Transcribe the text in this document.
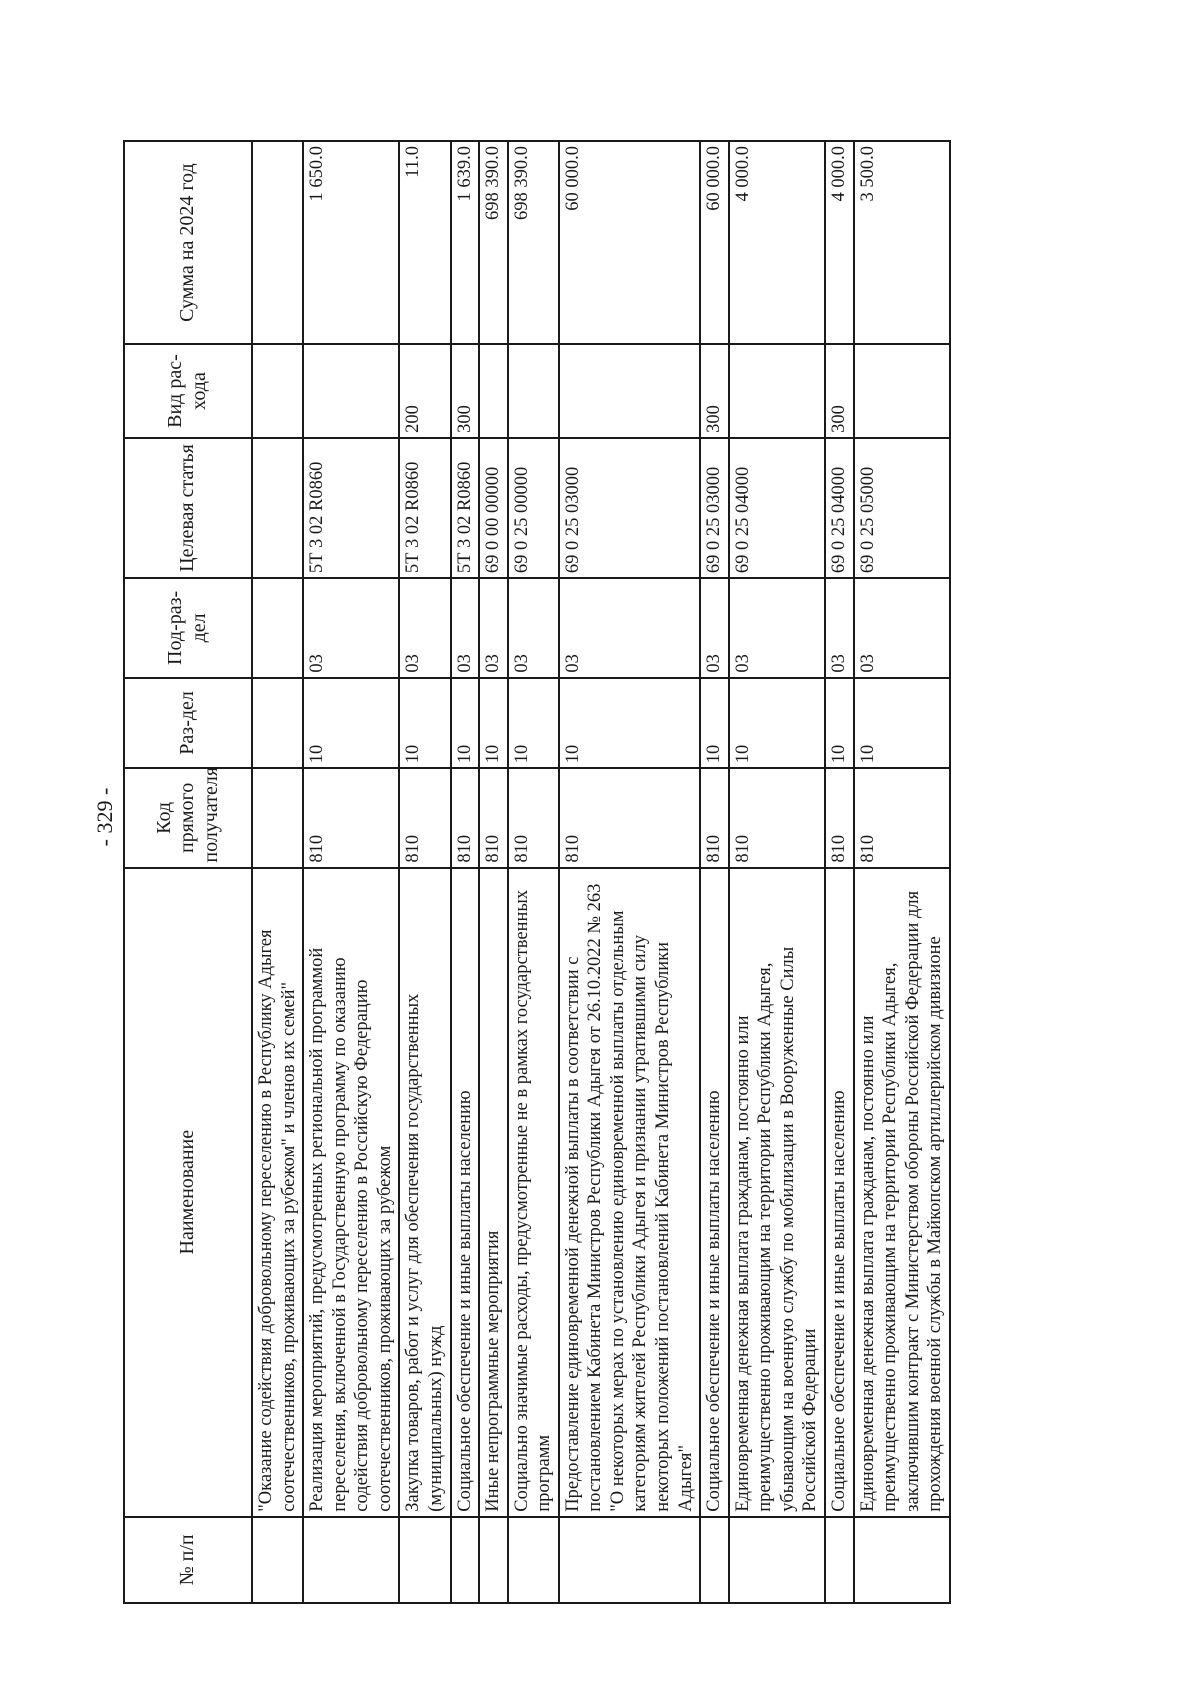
- 329 -
№ п/п	Наименование	Код прямого получателя	Раз-дел	Под-раз-дел	Целевая статья	Вид рас-хода	Сумма на 2024 год
	"Оказание содействия добровольному переселению в Республику Адыгея соотечественников, проживающих за рубежом" и членов их семей"						
	Реализация мероприятий, предусмотренных региональной программой переселения, включенной в Государственную программу по оказанию содействия добровольному переселению в Российскую Федерацию соотечественников, проживающих за рубежом	810	10	03	5Т 3 02 R0860		1 650.0
	Закупка товаров, работ и услуг для обеспечения государственных (муниципальных) нужд	810	10	03	5Т 3 02 R0860	200	11.0
	Социальное обеспечение и иные выплаты населению	810	10	03	5Т 3 02 R0860	300	1 639.0
	Иные непрограммные мероприятия	810	10	03	69 0 00 00000		698 390.0
	Социально значимые расходы, предусмотренные не в рамках государственных программ	810	10	03	69 0 25 00000		698 390.0
	Предоставление единовременной денежной выплаты в соответствии с постановлением Кабинета Министров Республики Адыгея от 26.10.2022 № 263 "О некоторых мерах по установлению единовременной выплаты отдельным категориям жителей Республики Адыгея и признании утратившими силу некоторых положений постановлений Кабинета Министров Республики Адыгея"	810	10	03	69 0 25 03000		60 000.0
	Социальное обеспечение и иные выплаты населению	810	10	03	69 0 25 03000	300	60 000.0
	Единовременная денежная выплата гражданам, постоянно или преимущественно проживающим на территории Республики Адыгея, убывающим на военную службу по мобилизации в Вооруженные Силы Российской Федерации	810	10	03	69 0 25 04000		4 000.0
	Социальное обеспечение и иные выплаты населению	810	10	03	69 0 25 04000	300	4 000.0
	Единовременная денежная выплата гражданам, постоянно или преимущественно проживающим на территории Республики Адыгея, заключившим контракт с Министерством обороны Российской Федерации для прохождения военной службы в Майкопском артиллерийском дивизионе	810	10	03	69 0 25 05000		3 500.0
